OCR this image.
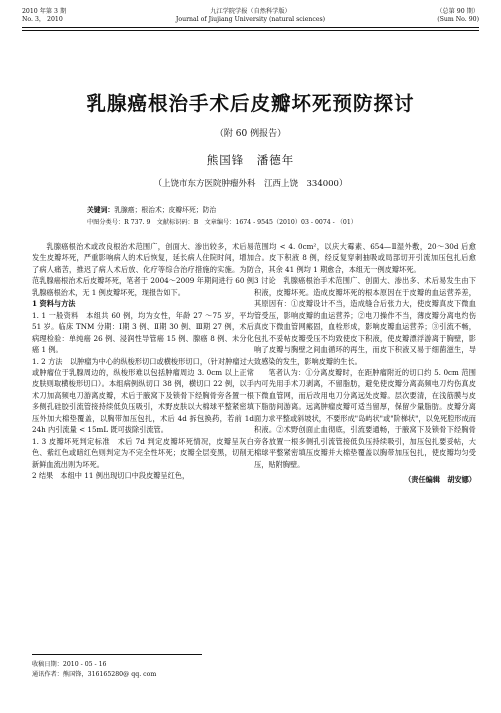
2010 年第 3 期
No. 3， 2010
九江学院学报（自然科学版）
Journal of Jiujiang University (natural sciences)
（总第 90 期）
(Sum No. 90)
乳腺癌根治手术后皮瓣坏死预防探讨
（附 60 例报告）
熊国锋　潘德年
（上饶市东方医院肿瘤外科　江西上饶　334000）
关键词：乳腺癌；根治术；皮瓣坏死；防治
中图分类号：R 737. 9　文献标识码：B　文章编号：1674 - 9545（2010）03 - 0074 - （01）

乳腺癌根治术或改良根治术范围广，创面大、渗出较多，术后易发生皮瓣坏死，严重影响病人的术后恢复，延长病人住院时间，增加了病人痛苦，推迟了病人术后放、化疗等综合治疗措施的实施。为防范乳腺癌根治术后皮瓣坏死，笔者于 2004～2009 年期间进行 60 例乳腺癌根治术，无 1 例皮瓣坏死，现报告如下。

1 资料与方法

1. 1 一般资料　本组共 60 例，均为女性，年龄 27 ～75 岁，平均 51 岁。临床 TNM 分期：Ⅰ期 3 例、Ⅱ期 30 例、Ⅲ期 27 例，术后病理检验：单纯癌 26 例、浸润性导管癌 15 例、腺癌 8 例、未分化癌 1 例。

1. 2 方法　以肿瘤为中心的纵梭形切口或横梭形切口，（针对肿瘤过大或肿瘤位于乳腺周边的，纵梭形难以包括肿瘤周边 3. 0cm 以上正常皮肤则取横梭形切口）。本组病例纵切口 38 例，横切口 22 例，以手术刀加高频电刀游离皮瓣，术后于腋窝下及锁骨下经胸骨旁各置一根多侧孔硅胶引流管接持续低负压吸引，术野皮肤以大棉球平整紧密填压外加大棉垫覆盖，以胸带加压包扎，术后 4d 拆包换药，若前 1d 24h 内引流量 < 15mL 既可拔除引流管。

1. 3 皮瓣坏死判定标准　术后 7d 判定皮瓣坏死情况，皮瓣呈灰白色、紫红色或暗红色则判定为不完全性坏死；皮瓣全层变黑，切削无新鲜血流出则为坏死。

2 结果　本组中 11 例出现切口中段皮瓣呈红色，

范围均 < 4. 0cm²，以庆大霉素、654—Ⅱ湿外敷，20～30d 后愈合。皮下积液 8 例，经反复穿刺抽吸或局部切开引流加压包扎后愈合，其余 41 例均 1 期愈合，本组无一例皮瓣坏死。

3 讨论　乳腺癌根治手术范围广、创面大、渗出多、术后易发生由下积液，皮瓣坏死。造成皮瓣坏死的根本原因在于皮瓣的血运营养差，其原因有：①皮瓣设计不当，造成缝合后张力大，使皮瓣真皮下微血管受压，影响皮瓣的血运营养；②电刀操作不当，薄皮瓣分离电灼伤真皮下微血管网瘢固，血栓形成，影响皮瓣血运营养；③引流不畅，包扎不妥帖皮瓣受压不均致使皮下积液，使皮瓣漂浮游离于胸壁，影响了皮瓣与胸壁之间血循环的再生，而皮下积液又易于细菌滋生，导致感染的发生，影响皮瓣的生长。

笔者认为：①分离皮瓣时，在距肿瘤附近的切口约 5. 0cm 范围内可先用手术刀剥离，不留脂肪，避免使皮瓣分离高频电刀灼伤真皮下微血管网，而后改用电刀分离远处皮瓣。层次要清，在浅筋膜与皮下脂肪间游离。远离肿瘤皮瓣可适当留厚，保留少量脂肪。皮瓣分离面力求平整或斜坡状，不要形成"岛屿状"或"阶梯状"，以免死腔形成而积液。②术野创面止血彻底，引流要通畅，于腋窝下及锁骨下经胸骨旁各放置一根多侧孔引流管接低负压持续吸引，加压包扎要妥帖，大棉球平整紧密填压皮瓣并大棉垫覆盖以胸带加压包扎，使皮瓣均匀受压，贴附胸壁。

（责任编辑　胡安娜）
收稿日期：2010 - 05 - 16
通讯作者：熊国锋，316165280@ qq. com
